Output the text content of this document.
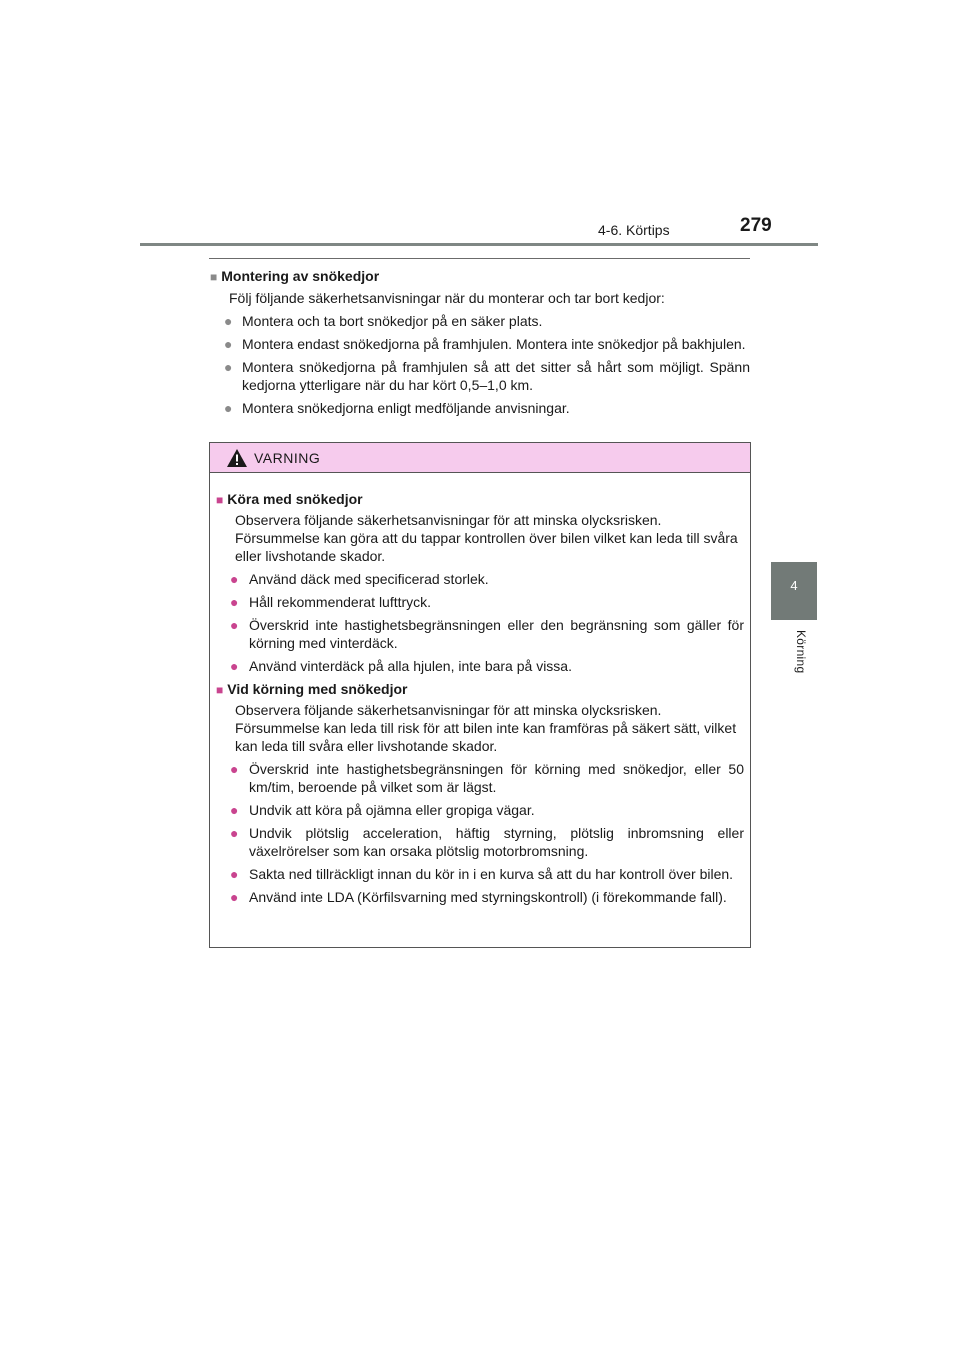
4-6. Körtips	279
4
Körning

■ Montering av snökedjor

Följ följande säkerhetsanvisningar när du monterar och tar bort kedjor:

● Montera och ta bort snökedjor på en säker plats.
● Montera endast snökedjorna på framhjulen. Montera inte snökedjor på bakhjulen.
● Montera snökedjorna på framhjulen så att det sitter så hårt som möjligt. Spänn kedjorna ytterligare när du har kört 0,5–1,0 km.
● Montera snökedjorna enligt medföljande anvisningar.
VARNING

■ Köra med snökedjor

Observera följande säkerhetsanvisningar för att minska olycksrisken. Försummelse kan göra att du tappar kontrollen över bilen vilket kan leda till svåra eller livshotande skador.

● Använd däck med specificerad storlek.
● Håll rekommenderat lufttryck.
● Överskrid inte hastighetsbegränsningen eller den begränsning som gäller för körning med vinterdäck.
● Använd vinterdäck på alla hjulen, inte bara på vissa.

■ Vid körning med snökedjor

Observera följande säkerhetsanvisningar för att minska olycksrisken. Försummelse kan leda till risk för att bilen inte kan framföras på säkert sätt, vilket kan leda till svåra eller livshotande skador.

● Överskrid inte hastighetsbegränsningen för körning med snökedjor, eller 50 km/tim, beroende på vilket som är lägst.
● Undvik att köra på ojämna eller gropiga vägar.
● Undvik plötslig acceleration, häftig styrning, plötslig inbromsning eller växelrörelser som kan orsaka plötslig motorbromsning.
● Sakta ned tillräckligt innan du kör in i en kurva så att du har kontroll över bilen.
● Använd inte LDA (Körfilsvarning med styrningskontroll) (i förekommande fall).
